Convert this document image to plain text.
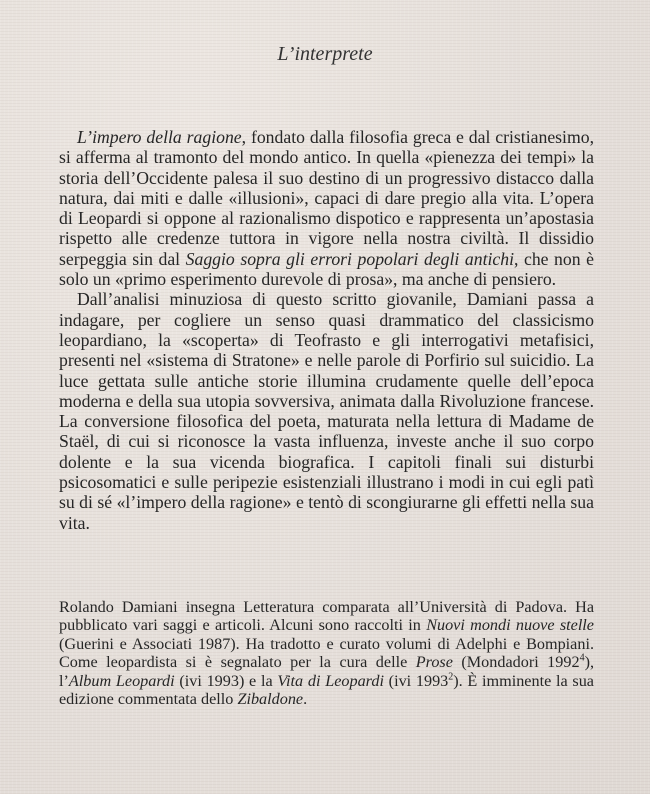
L’interprete

L’impero della ragione, fondato dalla filosofia greca e dal cristianesimo, si afferma al tramonto del mondo antico. In quella «pienezza dei tempi» la storia dell’Occidente palesa il suo destino di un progressivo distacco dalla natura, dai miti e dalle «illusioni», capaci di dare pregio alla vita. L’opera di Leopardi si oppone al razionalismo dispotico e rappresenta un’apostasia rispetto alle credenze tuttora in vigore nella nostra civiltà. Il dissidio serpeggia sin dal Saggio sopra gli errori popolari degli antichi, che non è solo un «primo esperimento durevole di prosa», ma anche di pensiero.

Dall’analisi minuziosa di questo scritto giovanile, Damiani passa a indagare, per cogliere un senso quasi drammatico del classicismo leopardiano, la «scoperta» di Teofrasto e gli interrogativi metafisici, presenti nel «sistema di Stratone» e nelle parole di Porfirio sul suicidio. La luce gettata sulle antiche storie illumina crudamente quelle dell’epoca moderna e della sua utopia sovversiva, animata dalla Rivoluzione francese. La conversione filosofica del poeta, maturata nella lettura di Madame de Staël, di cui si riconosce la vasta influenza, investe anche il suo corpo dolente e la sua vicenda biografica. I capitoli finali sui disturbi psicosomatici e sulle peripezie esistenziali illustrano i modi in cui egli patì su di sé «l’impero della ragione» e tentò di scongiurarne gli effetti nella sua vita.

Rolando Damiani insegna Letteratura comparata all’Università di Padova. Ha pubblicato vari saggi e articoli. Alcuni sono raccolti in Nuovi mondi nuove stelle (Guerini e Associati 1987). Ha tradotto e curato volumi di Adelphi e Bompiani. Come leopardista si è segnalato per la cura delle Prose (Mondadori 1992$^4$), l’Album Leopardi (ivi 1993) e la Vita di Leopardi (ivi 1993$^2$). È imminente la sua edizione commentata dello Zibaldone.
